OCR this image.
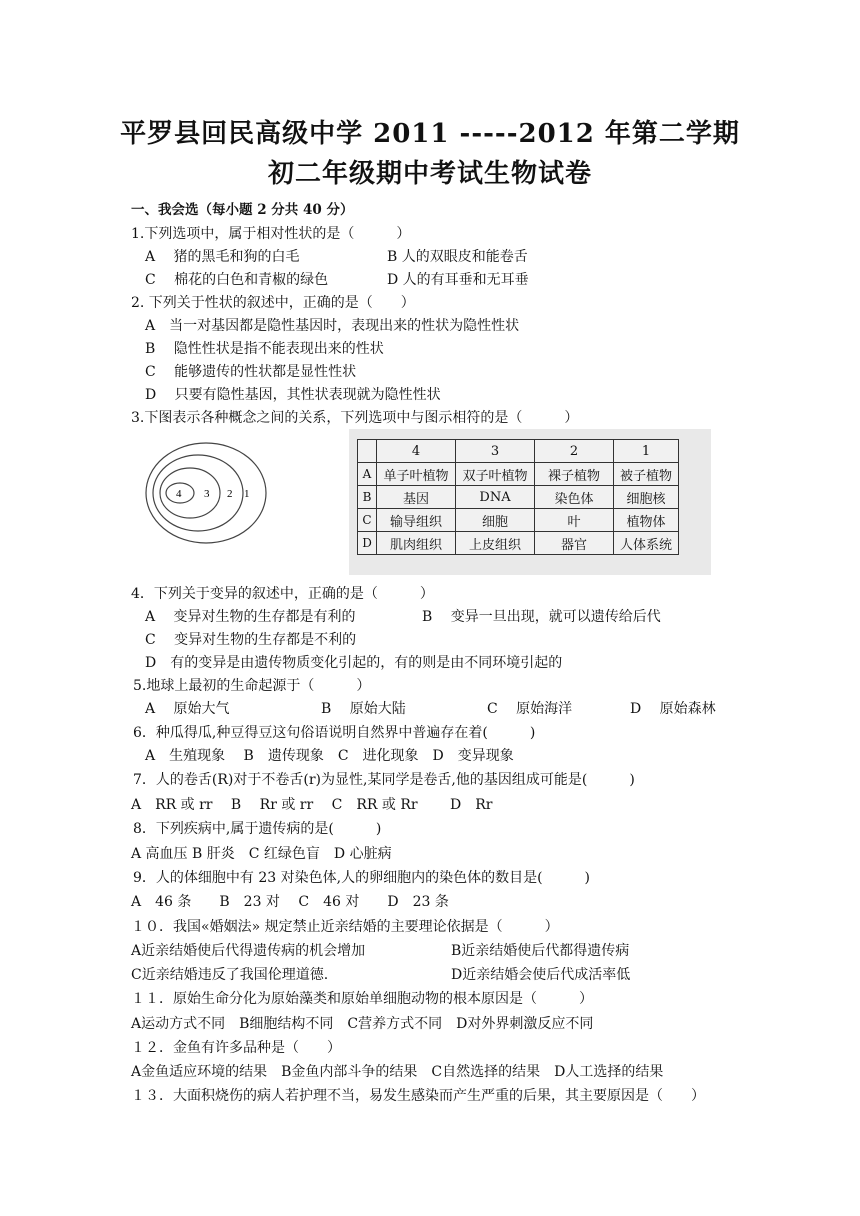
平罗县回民高级中学 2011 -----2012 年第二学期
初二年级期中考试生物试卷
一、我会选（每小题 2 分共 40 分）
1.下列选项中，属于相对性状的是（　　　）
A　 猪的黑毛和狗的白毛	B 人的双眼皮和能卷舌
C　 棉花的白色和青椒的绿色	D 人的有耳垂和无耳垂
2. 下列关于性状的叙述中，正确的是（　　）
A　当一对基因都是隐性基因时，表现出来的性状为隐性性状
B　 隐性性状是指不能表现出来的性状
C　 能够遗传的性状都是显性性状
D　 只要有隐性基因，其性状表现就为隐性性状
3.下图表示各种概念之间的关系，下列选项中与图示相符的是（　　　）
4 3 2 1
	4	3	2	1
A	单子叶植物	双子叶植物	裸子植物	被子植物
B	基因	DNA	染色体	细胞核
C	输导组织	细胞	叶	植物体
D	肌肉组织	上皮组织	器官	人体系统
4．下列关于变异的叙述中，正确的是（　　　）
A　 变异对生物的生存都是有利的	B　 变异一旦出现，就可以遗传给后代
C　 变异对生物的生存都是不利的
D　有的变异是由遗传物质变化引起的，有的则是由不同环境引起的
5.地球上最初的生命起源于（　　　）
A　 原始大气	B　 原始大陆	C　 原始海洋	D　 原始森林
6．种瓜得瓜,种豆得豆这句俗语说明自然界中普遍存在着(　　　)
A　生殖现象　 B　遗传现象　C　进化现象　D　变异现象
7．人的卷舌(R)对于不卷舌(r)为显性,某同学是卷舌,他的基因组成可能是(　　　)
A　RR 或 rr　 B　 Rr 或 rr　 C　RR 或 Rr　　 D　Rr
8．下列疾病中,属于遗传病的是(　　　)
A 高血压 B 肝炎　C 红绿色盲　D 心脏病
9．人的体细胞中有 23 对染色体,人的卵细胞内的染色体的数目是(　　　)
A　46 条　　B　23 对　 C　46 对　　D　23 条
１０．我国«婚姻法» 规定禁止近亲结婚的主要理论依据是（　　　）
A近亲结婚使后代得遗传病的机会增加	B近亲结婚使后代都得遗传病
C近亲结婚违反了我国伦理道德.	D近亲结婚会使后代成活率低
１１．原始生命分化为原始藻类和原始单细胞动物的根本原因是（　　　）
A运动方式不同　B细胞结构不同　C营养方式不同　D对外界刺激反应不同
１２．金鱼有许多品种是（　　）
A金鱼适应环境的结果　B金鱼内部斗争的结果　C自然选择的结果　D人工选择的结果
１３．大面积烧伤的病人若护理不当，易发生感染而产生严重的后果，其主要原因是（　　）
